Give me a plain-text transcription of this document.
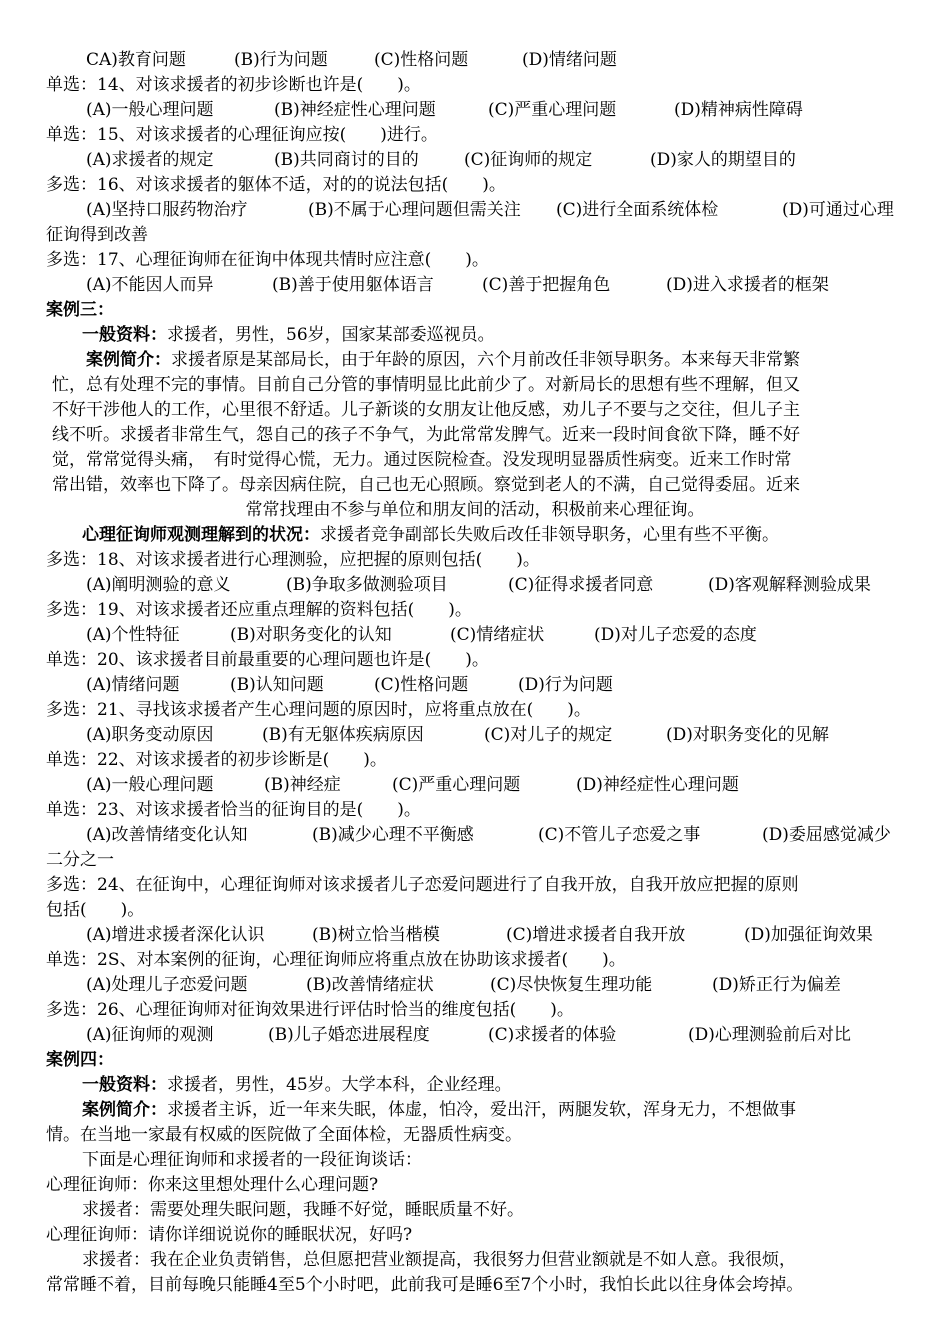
CA)教育问题	(B)行为问题	(C)性格问题	(D)情绪问题
单选：14、对该求援者的初步诊断也许是(　　)。
(A)一般心理问题	(B)神经症性心理问题	(C)严重心理问题	(D)精神病性障碍
单选：15、对该求援者的心理征询应按(　　)进行。
(A)求援者的规定	(B)共同商讨的目的	(C)征询师的规定	(D)家人的期望目的
多选：16、对该求援者的躯体不适，对的的说法包括(　　)。
(A)坚持口服药物治疗	(B)不属于心理问题但需关注	(C)进行全面系统体检	(D)可通过心理
征询得到改善
多选：17、心理征询师在征询中体现共情时应注意(　　)。
(A)不能因人而异	(B)善于使用躯体语言	(C)善于把握角色	(D)进入求援者的框架
案例三：
一般资料：求援者，男性，56岁，国家某部委巡视员。
案例简介：求援者原是某部局长，由于年龄的原因，六个月前改任非领导职务。本来每天非常繁
忙，总有处理不完的事情。目前自己分管的事情明显比此前少了。对新局长的思想有些不理解，但又
不好干涉他人的工作，心里很不舒适。儿子新谈的女朋友让他反感，劝儿子不要与之交往，但儿子主
线不听。求援者非常生气，怨自己的孩子不争气，为此常常发脾气。近来一段时间食欲下降，睡不好
觉，常常觉得头痛，　有时觉得心慌，无力。通过医院检查。没发现明显器质性病变。近来工作时常
常出错，效率也下降了。母亲因病住院，自己也无心照顾。察觉到老人的不满，自己觉得委屈。近来
常常找理由不参与单位和朋友间的活动，积极前来心理征询。
心理征询师观测理解到的状况：求援者竞争副部长失败后改任非领导职务，心里有些不平衡。
多选：18、对该求援者进行心理测验，应把握的原则包括(　　)。
(A)阐明测验的意义	(B)争取多做测验项目	(C)征得求援者同意	(D)客观解释测验成果
多选：19、对该求援者还应重点理解的资料包括(　　)。
(A)个性特征	(B)对职务变化的认知	(C)情绪症状	(D)对儿子恋爱的态度
单选：20、该求援者目前最重要的心理问题也许是(　　)。
(A)情绪问题	(B)认知问题	(C)性格问题	(D)行为问题
多选：21、寻找该求援者产生心理问题的原因时，应将重点放在(　　)。
(A)职务变动原因	(B)有无躯体疾病原因	(C)对儿子的规定	(D)对职务变化的见解
单选：22、对该求援者的初步诊断是(　　)。
(A)一般心理问题	(B)神经症	(C)严重心理问题	(D)神经症性心理问题
单选：23、对该求援者恰当的征询目的是(　　)。
(A)改善情绪变化认知	(B)减少心理不平衡感	(C)不管儿子恋爱之事	(D)委屈感觉减少
二分之一
多选：24、在征询中，心理征询师对该求援者儿子恋爱问题进行了自我开放，自我开放应把握的原则
包括(　　)。
(A)增进求援者深化认识	(B)树立恰当楷模	(C)增进求援者自我开放	(D)加强征询效果
单选：2S、对本案例的征询，心理征询师应将重点放在协助该求援者(　　)。
(A)处理儿子恋爱问题	(B)改善情绪症状	(C)尽快恢复生理功能	(D)矫正行为偏差
多选：26、心理征询师对征询效果进行评估时恰当的维度包括(　　)。
(A)征询师的观测	(B)儿子婚恋进展程度	(C)求援者的体验	(D)心理测验前后对比
案例四：
一般资料：求援者，男性，45岁。大学本科，企业经理。
案例简介：求援者主诉，近一年来失眠，体虚，怕冷，爱出汗，两腿发软，浑身无力，不想做事
情。在当地一家最有权威的医院做了全面体检，无器质性病变。
下面是心理征询师和求援者的一段征询谈话：
心理征询师：你来这里想处理什么心理问题?
求援者：需要处理失眠问题，我睡不好觉，睡眠质量不好。
心理征询师：请你详细说说你的睡眠状况，好吗?
求援者：我在企业负责销售，总但愿把营业额提高，我很努力但营业额就是不如人意。我很烦，
常常睡不着，目前每晚只能睡4至5个小时吧，此前我可是睡6至7个小时，我怕长此以往身体会垮掉。
